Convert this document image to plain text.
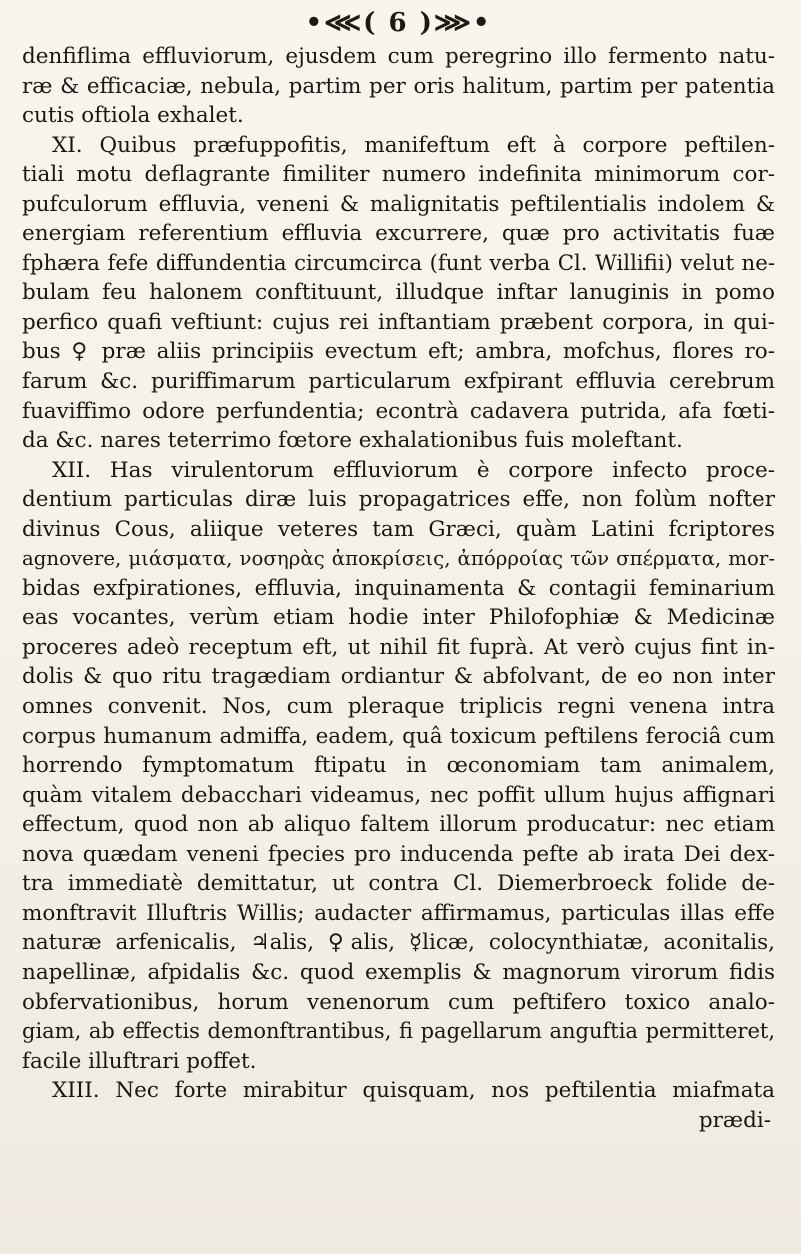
•⋘( 6 )⋙•
denfiflima effluviorum, ejusdem cum peregrino illo fermento natu-
ræ & efficaciæ, nebula, partim per oris halitum, partim per patentia
cutis oftiola exhalet.
XI. Quibus præfuppofitis, manifeftum eft à corpore peftilen-
tiali motu deflagrante fimiliter numero indefinita minimorum cor-
pufculorum effluvia, veneni & malignitatis peftilentialis indolem &
energiam referentium effluvia excurrere, quæ pro activitatis fuæ
fphæra fefe diffundentia circumcirca (funt verba Cl. Willifii) velut ne-
bulam feu halonem conftituunt, illudque inftar lanuginis in pomo
perfico quafi veftiunt: cujus rei inftantiam præbent corpora, in qui-
bus ♀ præ aliis principiis evectum eft; ambra, mofchus, flores ro-
farum &c. puriffimarum particularum exfpirant effluvia cerebrum
fuaviffimo odore perfundentia; econtrà cadavera putrida, afa fœti-
da &c. nares teterrimo fœtore exhalationibus fuis moleftant.
XII. Has virulentorum effluviorum è corpore infecto proce-
dentium particulas diræ luis propagatrices effe, non folùm nofter
divinus Cous, aliique veteres tam Græci, quàm Latini fcriptores
agnovere, μιάσματα, νοσηρὰς ἀποκρίσεις, ἀπόρροίας τῶν σπέρματα, mor-
bidas exfpirationes, effluvia, inquinamenta & contagii feminarium
eas vocantes, verùm etiam hodie inter Philofophiæ & Medicinæ
proceres adeò receptum eft, ut nihil fit fuprà. At verò cujus fint in-
dolis & quo ritu tragædiam ordiantur & abfolvant, de eo non inter
omnes convenit. Nos, cum pleraque triplicis regni venena intra
corpus humanum admiffa, eadem, quâ toxicum peftilens ferociâ cum
horrendo fymptomatum ftipatu in œconomiam tam animalem,
quàm vitalem debacchari videamus, nec poffit ullum hujus affignari
effectum, quod non ab aliquo faltem illorum producatur: nec etiam
nova quædam veneni fpecies pro inducenda pefte ab irata Dei dex-
tra immediatè demittatur, ut contra Cl. Diemerbroeck folide de-
monftravit Illuftris Willis; audacter affirmamus, particulas illas effe
naturæ arfenicalis, ♃alis, ♀alis, ☿licæ, colocynthiatæ, aconitalis,
napellinæ, afpidalis &c. quod exemplis & magnorum virorum fidis
obfervationibus, horum venenorum cum peftifero toxico analo-
giam, ab effectis demonftrantibus, fi pagellarum anguftia permitteret,
facile illuftrari poffet.
XIII. Nec forte mirabitur quisquam, nos peftilentia miafmata
prædi-
